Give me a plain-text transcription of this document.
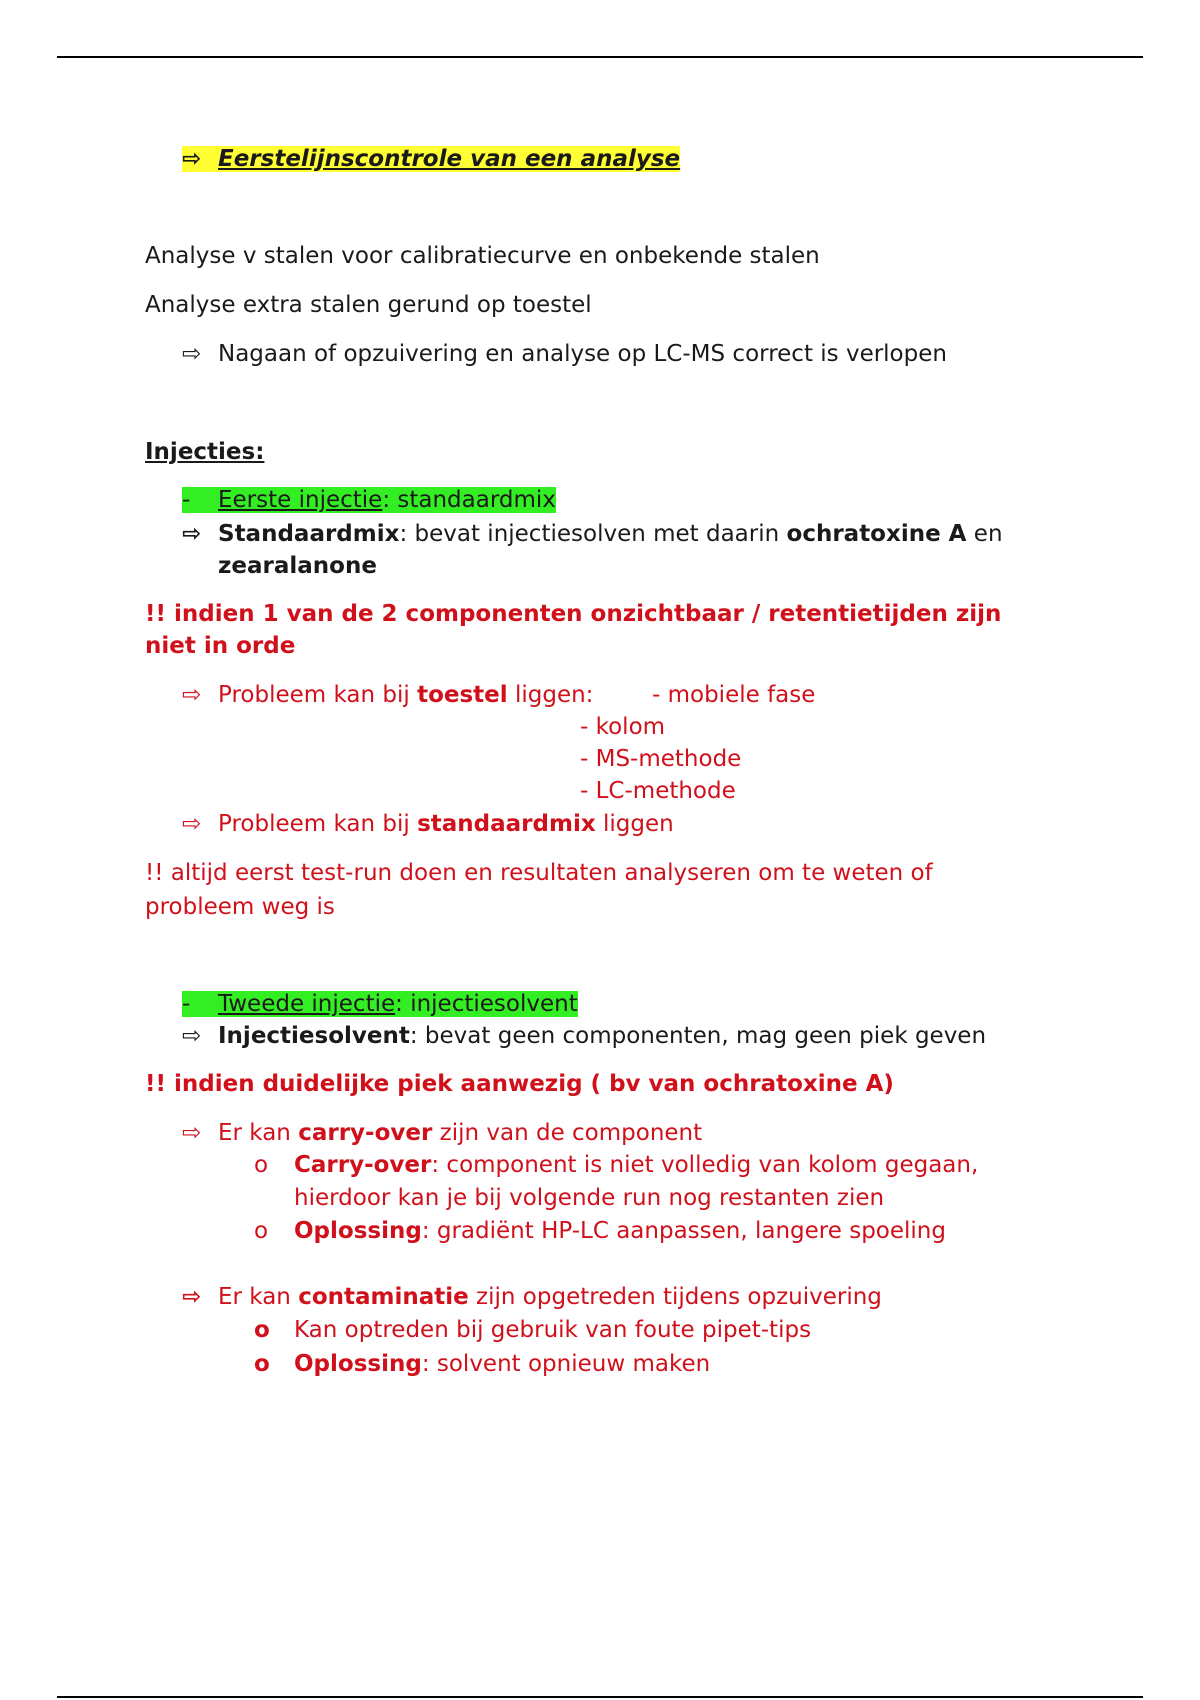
⇨ Eerstelijnscontrole van een analyse
Analyse v stalen voor calibratiecurve en onbekende stalen
Analyse extra stalen gerund op toestel
⇨ Nagaan of opzuivering en analyse op LC-MS correct is verlopen
Injecties:
- Eerste injectie: standaardmix
⇨ Standaardmix: bevat injectiesolven met daarin ochratoxine A en
zearalanone
!! indien 1 van de 2 componenten onzichtbaar / retentietijden zijn
niet in orde
⇨ Probleem kan bij toestel liggen:	- mobiele fase
- kolom
- MS-methode
- LC-methode
⇨ Probleem kan bij standaardmix liggen
!! altijd eerst test-run doen en resultaten analyseren om te weten of
probleem weg is
- Tweede injectie: injectiesolvent
⇨ Injectiesolvent: bevat geen componenten, mag geen piek geven
!! indien duidelijke piek aanwezig ( bv van ochratoxine A)
⇨ Er kan carry-over zijn van de component
o Carry-over: component is niet volledig van kolom gegaan,
hierdoor kan je bij volgende run nog restanten zien
o Oplossing: gradiënt HP-LC aanpassen, langere spoeling
⇨ Er kan contaminatie zijn opgetreden tijdens opzuivering
o Kan optreden bij gebruik van foute pipet-tips
o Oplossing: solvent opnieuw maken
